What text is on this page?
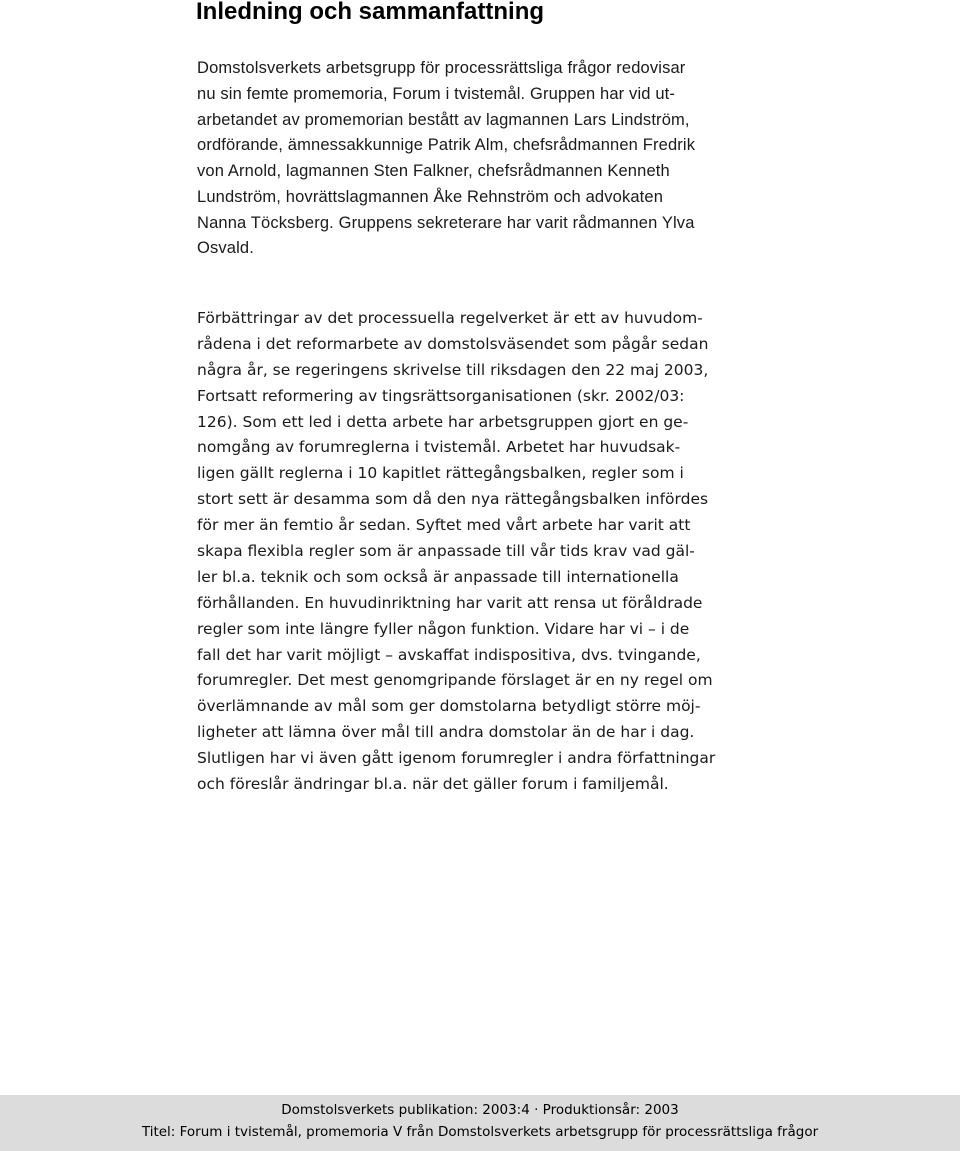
Inledning och sammanfattning
Domstolsverkets arbetsgrupp för processrättsliga frågor redovisar
nu sin femte promemoria, Forum i tvistemål. Gruppen har vid ut-
arbetandet av promemorian bestått av lagmannen Lars Lindström,
ordförande, ämnessakkunnige Patrik Alm, chefsrådmannen Fredrik
von Arnold, lagmannen Sten Falkner, chefsrådmannen Kenneth
Lundström, hovrättslagmannen Åke Rehnström och advokaten
Nanna Töcksberg. Gruppens sekreterare har varit rådmannen Ylva
Osvald.
Förbättringar av det processuella regelverket är ett av huvudom-
rådena i det reformarbete av domstolsväsendet som pågår sedan
några år, se regeringens skrivelse till riksdagen den 22 maj 2003,
Fortsatt reformering av tingsrättsorganisationen (skr. 2002/03:
126). Som ett led i detta arbete har arbetsgruppen gjort en ge-
nomgång av forumreglerna i tvistemål. Arbetet har huvudsak-
ligen gällt reglerna i 10 kapitlet rättegångsbalken, regler som i
stort sett är desamma som då den nya rättegångsbalken infördes
för mer än femtio år sedan. Syftet med vårt arbete har varit att
skapa flexibla regler som är anpassade till vår tids krav vad gäl-
ler bl.a. teknik och som också är anpassade till internationella
förhållanden. En huvudinriktning har varit att rensa ut föråldrade
regler som inte längre fyller någon funktion. Vidare har vi – i de
fall det har varit möjligt – avskaffat indispositiva, dvs. tvingande,
forumregler. Det mest genomgripande förslaget är en ny regel om
överlämnande av mål som ger domstolarna betydligt större möj-
ligheter att lämna över mål till andra domstolar än de har i dag.
Slutligen har vi även gått igenom forumregler i andra författningar
och föreslår ändringar bl.a. när det gäller forum i familjemål.
Domstolsverkets publikation: 2003:4 · Produktionsår: 2003
Titel: Forum i tvistemål, promemoria V från Domstolsverkets arbetsgrupp för processrättsliga frågor
